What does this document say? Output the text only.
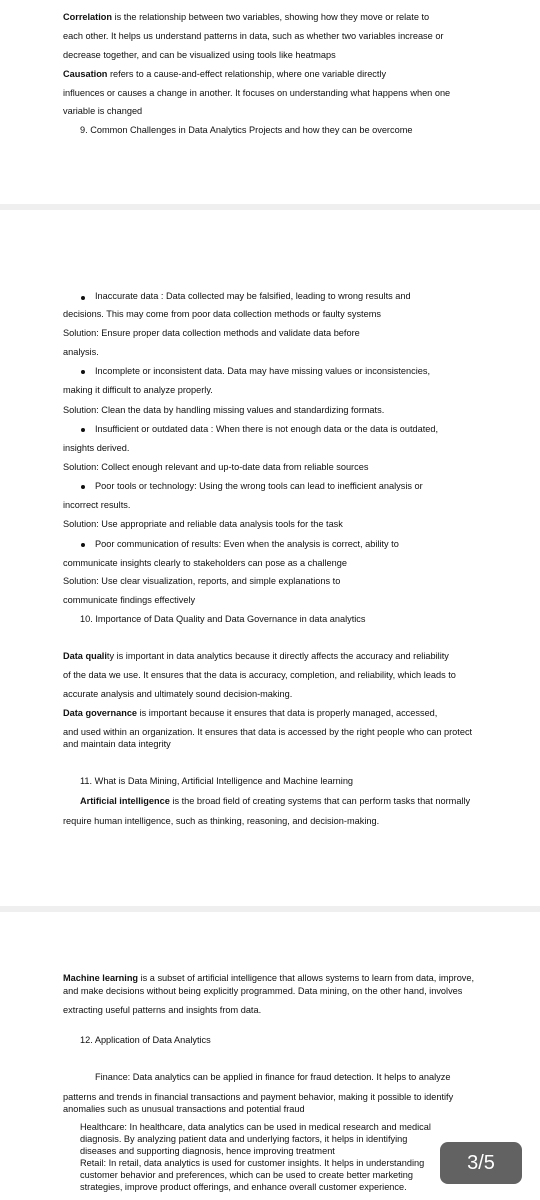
Correlation is the relationship between two variables, showing how they move or relate to
each other. It helps us understand patterns in data, such as whether two variables increase or
decrease together, and can be visualized using tools like heatmaps
Causation refers to a cause-and-effect relationship, where one variable directly
influences or causes a change in another. It focuses on understanding what happens when one
variable is changed
9. Common Challenges in Data Analytics Projects and how they can be overcome
Inaccurate data : Data collected may be falsified, leading to wrong results and
decisions. This may come from poor data collection methods or faulty systems
Solution: Ensure proper data collection methods and validate data before
analysis.
Incomplete or inconsistent data. Data may have missing values or inconsistencies,
making it difficult to analyze properly.
Solution: Clean the data by handling missing values and standardizing formats.
Insufficient or outdated data : When there is not enough data or the data is outdated,
insights derived.
Solution: Collect enough relevant and up-to-date data from reliable sources
Poor tools or technology: Using the wrong tools can lead to inefficient analysis or
incorrect results.
Solution: Use appropriate and reliable data analysis tools for the task
Poor communication of results: Even when the analysis is correct, ability to
communicate insights clearly to stakeholders can pose as a challenge
Solution: Use clear visualization, reports, and simple explanations to
communicate findings effectively
10. Importance of Data Quality and Data Governance in data analytics
Data quality is important in data analytics because it directly affects the accuracy and reliability
of the data we use. It ensures that the data is accuracy, completion, and reliability, which leads to
accurate analysis and ultimately sound decision-making.
Data governance is important because it ensures that data is properly managed, accessed,
and used within an organization. It ensures that data is accessed by the right people who can protect
and maintain data integrity
11. What is Data Mining, Artificial Intelligence and Machine learning
Artificial intelligence is the broad field of creating systems that can perform tasks that normally
require human intelligence, such as thinking, reasoning, and decision-making.
Machine learning is a subset of artificial intelligence that allows systems to learn from data, improve,
and make decisions without being explicitly programmed. Data mining, on the other hand, involves
extracting useful patterns and insights from data.
12. Application of Data Analytics
Finance: Data analytics can be applied in finance for fraud detection. It helps to analyze
patterns and trends in financial transactions and payment behavior, making it possible to identify
anomalies such as unusual transactions and potential fraud
Healthcare: In healthcare, data analytics can be used in medical research and medical
diagnosis. By analyzing patient data and underlying factors, it helps in identifying
diseases and supporting diagnosis, hence improving treatment
Retail: In retail, data analytics is used for customer insights. It helps in understanding
customer behavior and preferences, which can be used to create better marketing
strategies, improve product offerings, and enhance overall customer experience.
3/5
